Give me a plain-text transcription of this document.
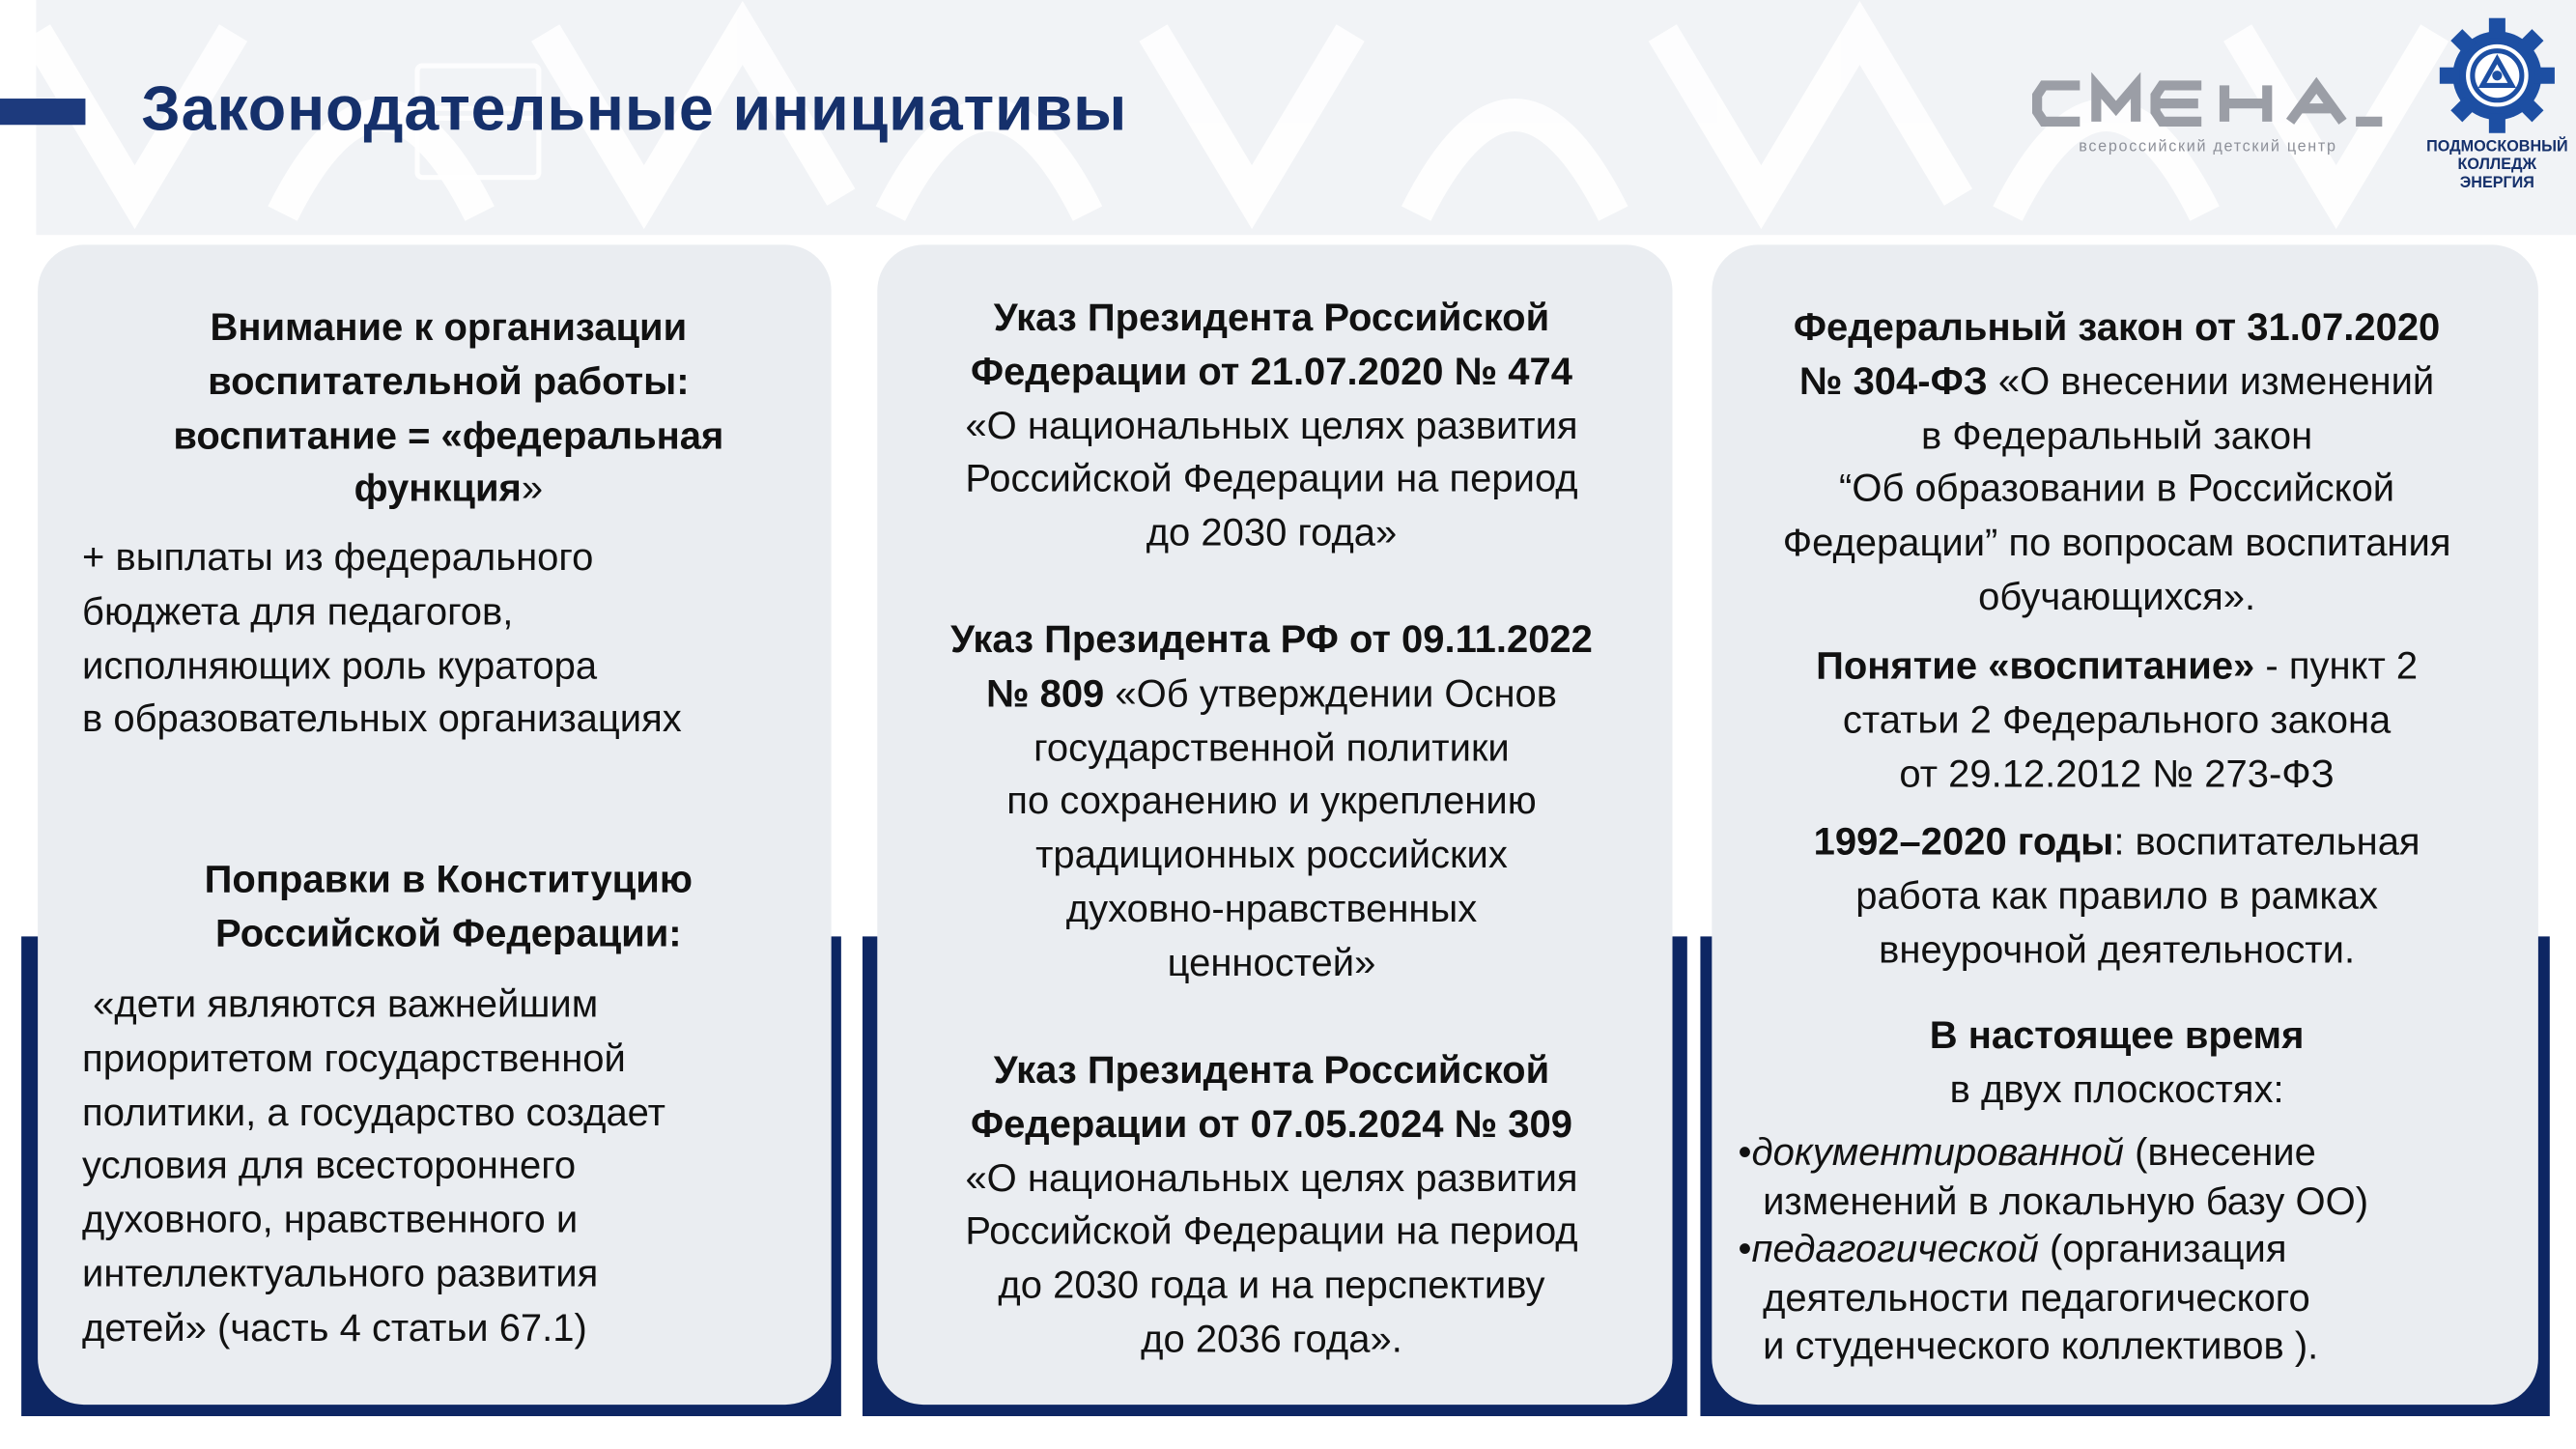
Законодательные инициативы
всероссийский детский центр	ПОДМОСКОВНЫЙ
КОЛЛЕДЖ
ЭНЕРГИЯ
Внимание к организации
воспитательной работы:
воспитание = «федеральная
функция»
+ выплаты из федерального
бюджета для педагогов,
исполняющих роль куратора
в образовательных организациях
Поправки в Конституцию
Российской Федерации:
«дети являются важнейшим
приоритетом государственной
политики, а государство создает
условия для всестороннего
духовного, нравственного и
интеллектуального развития
детей» (часть 4 статьи 67.1)
Указ Президента Российской
Федерации от 21.07.2020 № 474
«О национальных целях развития
Российской Федерации на период
до 2030 года»
Указ Президента РФ от 09.11.2022
№ 809 «Об утверждении Основ
государственной политики
по сохранению и укреплению
традиционных российских
духовно-нравственных
ценностей»
Указ Президента Российской
Федерации от 07.05.2024 № 309
«О национальных целях развития
Российской Федерации на период
до 2030 года и на перспективу
до 2036 года».
Федеральный закон от 31.07.2020
№ 304-ФЗ «О внесении изменений
в Федеральный закон
“Об образовании в Российской
Федерации” по вопросам воспитания
обучающихся».
Понятие «воспитание» - пункт 2
статьи 2 Федерального закона
от 29.12.2012 № 273-ФЗ
1992–2020 годы: воспитательная
работа как правило в рамках
внеурочной деятельности.
В настоящее время
в двух плоскостях:
•документированной (внесение
изменений в локальную базу ОО)
•педагогической (организация
деятельности педагогического
и студенческого коллективов ).
